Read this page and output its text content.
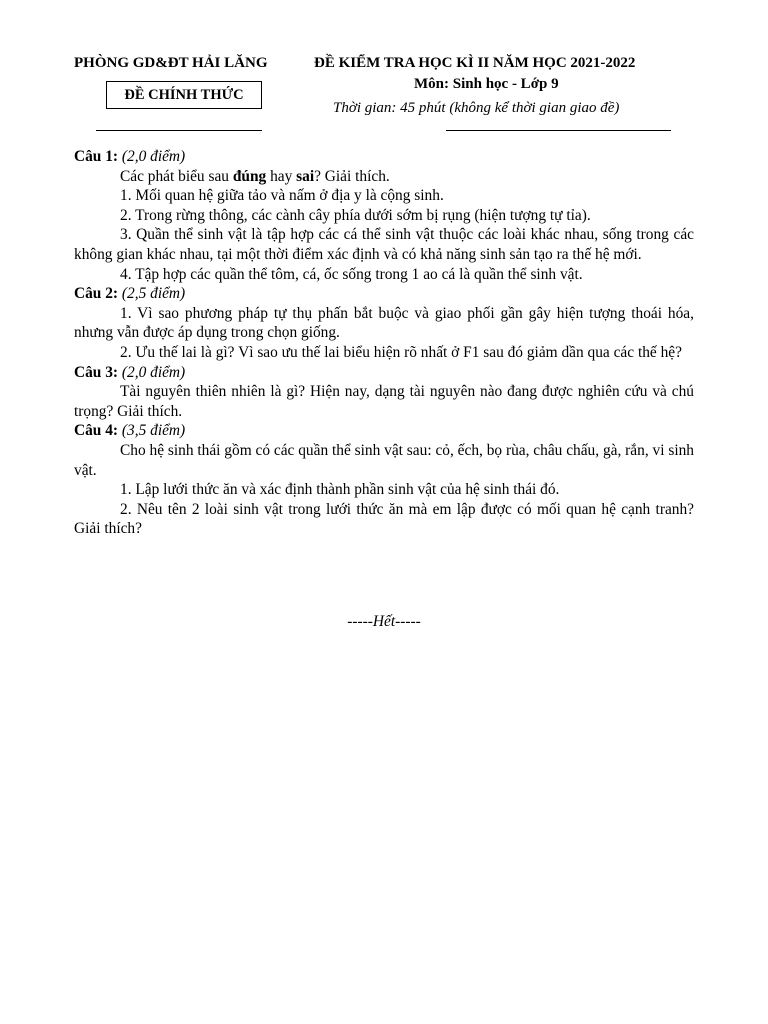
PHÒNG GD&ĐT HẢI LĂNG	ĐỀ KIỂM TRA HỌC KÌ II NĂM HỌC 2021-2022
Môn: Sinh học - Lớp 9
ĐỀ CHÍNH THỨC
Thời gian: 45 phút (không kể thời gian giao đề)

Câu 1: (2,0 điểm)

Các phát biểu sau đúng hay sai? Giải thích.

1. Mối quan hệ giữa tảo và nấm ở địa y là cộng sinh.

2. Trong rừng thông, các cành cây phía dưới sớm bị rụng (hiện tượng tự tỉa).

3. Quần thể sinh vật là tập hợp các cá thể sinh vật thuộc các loài khác nhau, sống trong các không gian khác nhau, tại một thời điểm xác định và có khả năng sinh sản tạo ra thế hệ mới.

4. Tập hợp các quần thể tôm, cá, ốc sống trong 1 ao cá là quần thể sinh vật.

Câu 2: (2,5 điểm)

1. Vì sao phương pháp tự thụ phấn bắt buộc và giao phối gần gây hiện tượng thoái hóa, nhưng vẫn được áp dụng trong chọn giống.

2. Ưu thế lai là gì? Vì sao ưu thế lai biểu hiện rõ nhất ở F1 sau đó giảm dần qua các thế hệ?

Câu 3: (2,0 điểm)

Tài nguyên thiên nhiên là gì? Hiện nay, dạng tài nguyên nào đang được nghiên cứu và chú trọng? Giải thích.

Câu 4: (3,5 điểm)

Cho hệ sinh thái gồm có các quần thể sinh vật sau: cỏ, ếch, bọ rùa, châu chấu, gà, rắn, vi sinh vật.

1. Lập lưới thức ăn và xác định thành phần sinh vật của hệ sinh thái đó.

2. Nêu tên 2 loài sinh vật trong lưới thức ăn mà em lập được có mối quan hệ cạnh tranh? Giải thích?

-----Hết-----
